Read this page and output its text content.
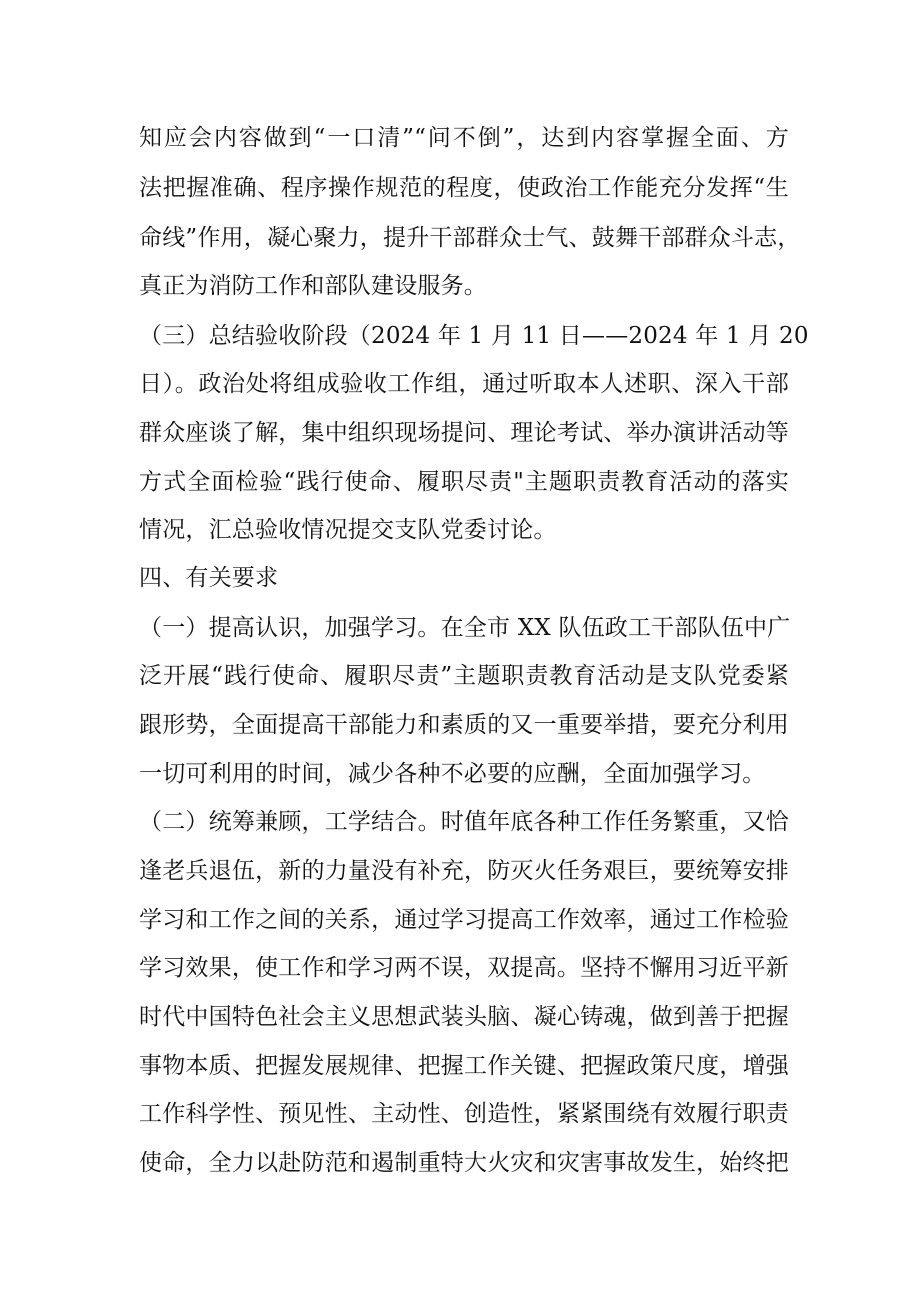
知应会内容做到“一口清”“问不倒”，达到内容掌握全面、方
法把握准确、程序操作规范的程度，使政治工作能充分发挥“生
命线”作用，凝心聚力，提升干部群众士气、鼓舞干部群众斗志，
真正为消防工作和部队建设服务。
（三）总结验收阶段（2024 年 1 月 11 日——2024 年 1 月 20
日）。政治处将组成验收工作组，通过听取本人述职、深入干部
群众座谈了解，集中组织现场提问、理论考试、举办演讲活动等
方式全面检验“践行使命、履职尽责"主题职责教育活动的落实
情况，汇总验收情况提交支队党委讨论。
四、有关要求
（一）提高认识，加强学习。在全市 XX 队伍政工干部队伍中广
泛开展“践行使命、履职尽责”主题职责教育活动是支队党委紧
跟形势，全面提高干部能力和素质的又一重要举措，要充分利用
一切可利用的时间，减少各种不必要的应酬，全面加强学习。
（二）统筹兼顾，工学结合。时值年底各种工作任务繁重，又恰
逢老兵退伍，新的力量没有补充，防灭火任务艰巨，要统筹安排
学习和工作之间的关系，通过学习提高工作效率，通过工作检验
学习效果，使工作和学习两不误，双提高。坚持不懈用习近平新
时代中国特色社会主义思想武装头脑、凝心铸魂，做到善于把握
事物本质、把握发展规律、把握工作关键、把握政策尺度，增强
工作科学性、预见性、主动性、创造性，紧紧围绕有效履行职责
使命，全力以赴防范和遏制重特大火灾和灾害事故发生，始终把
